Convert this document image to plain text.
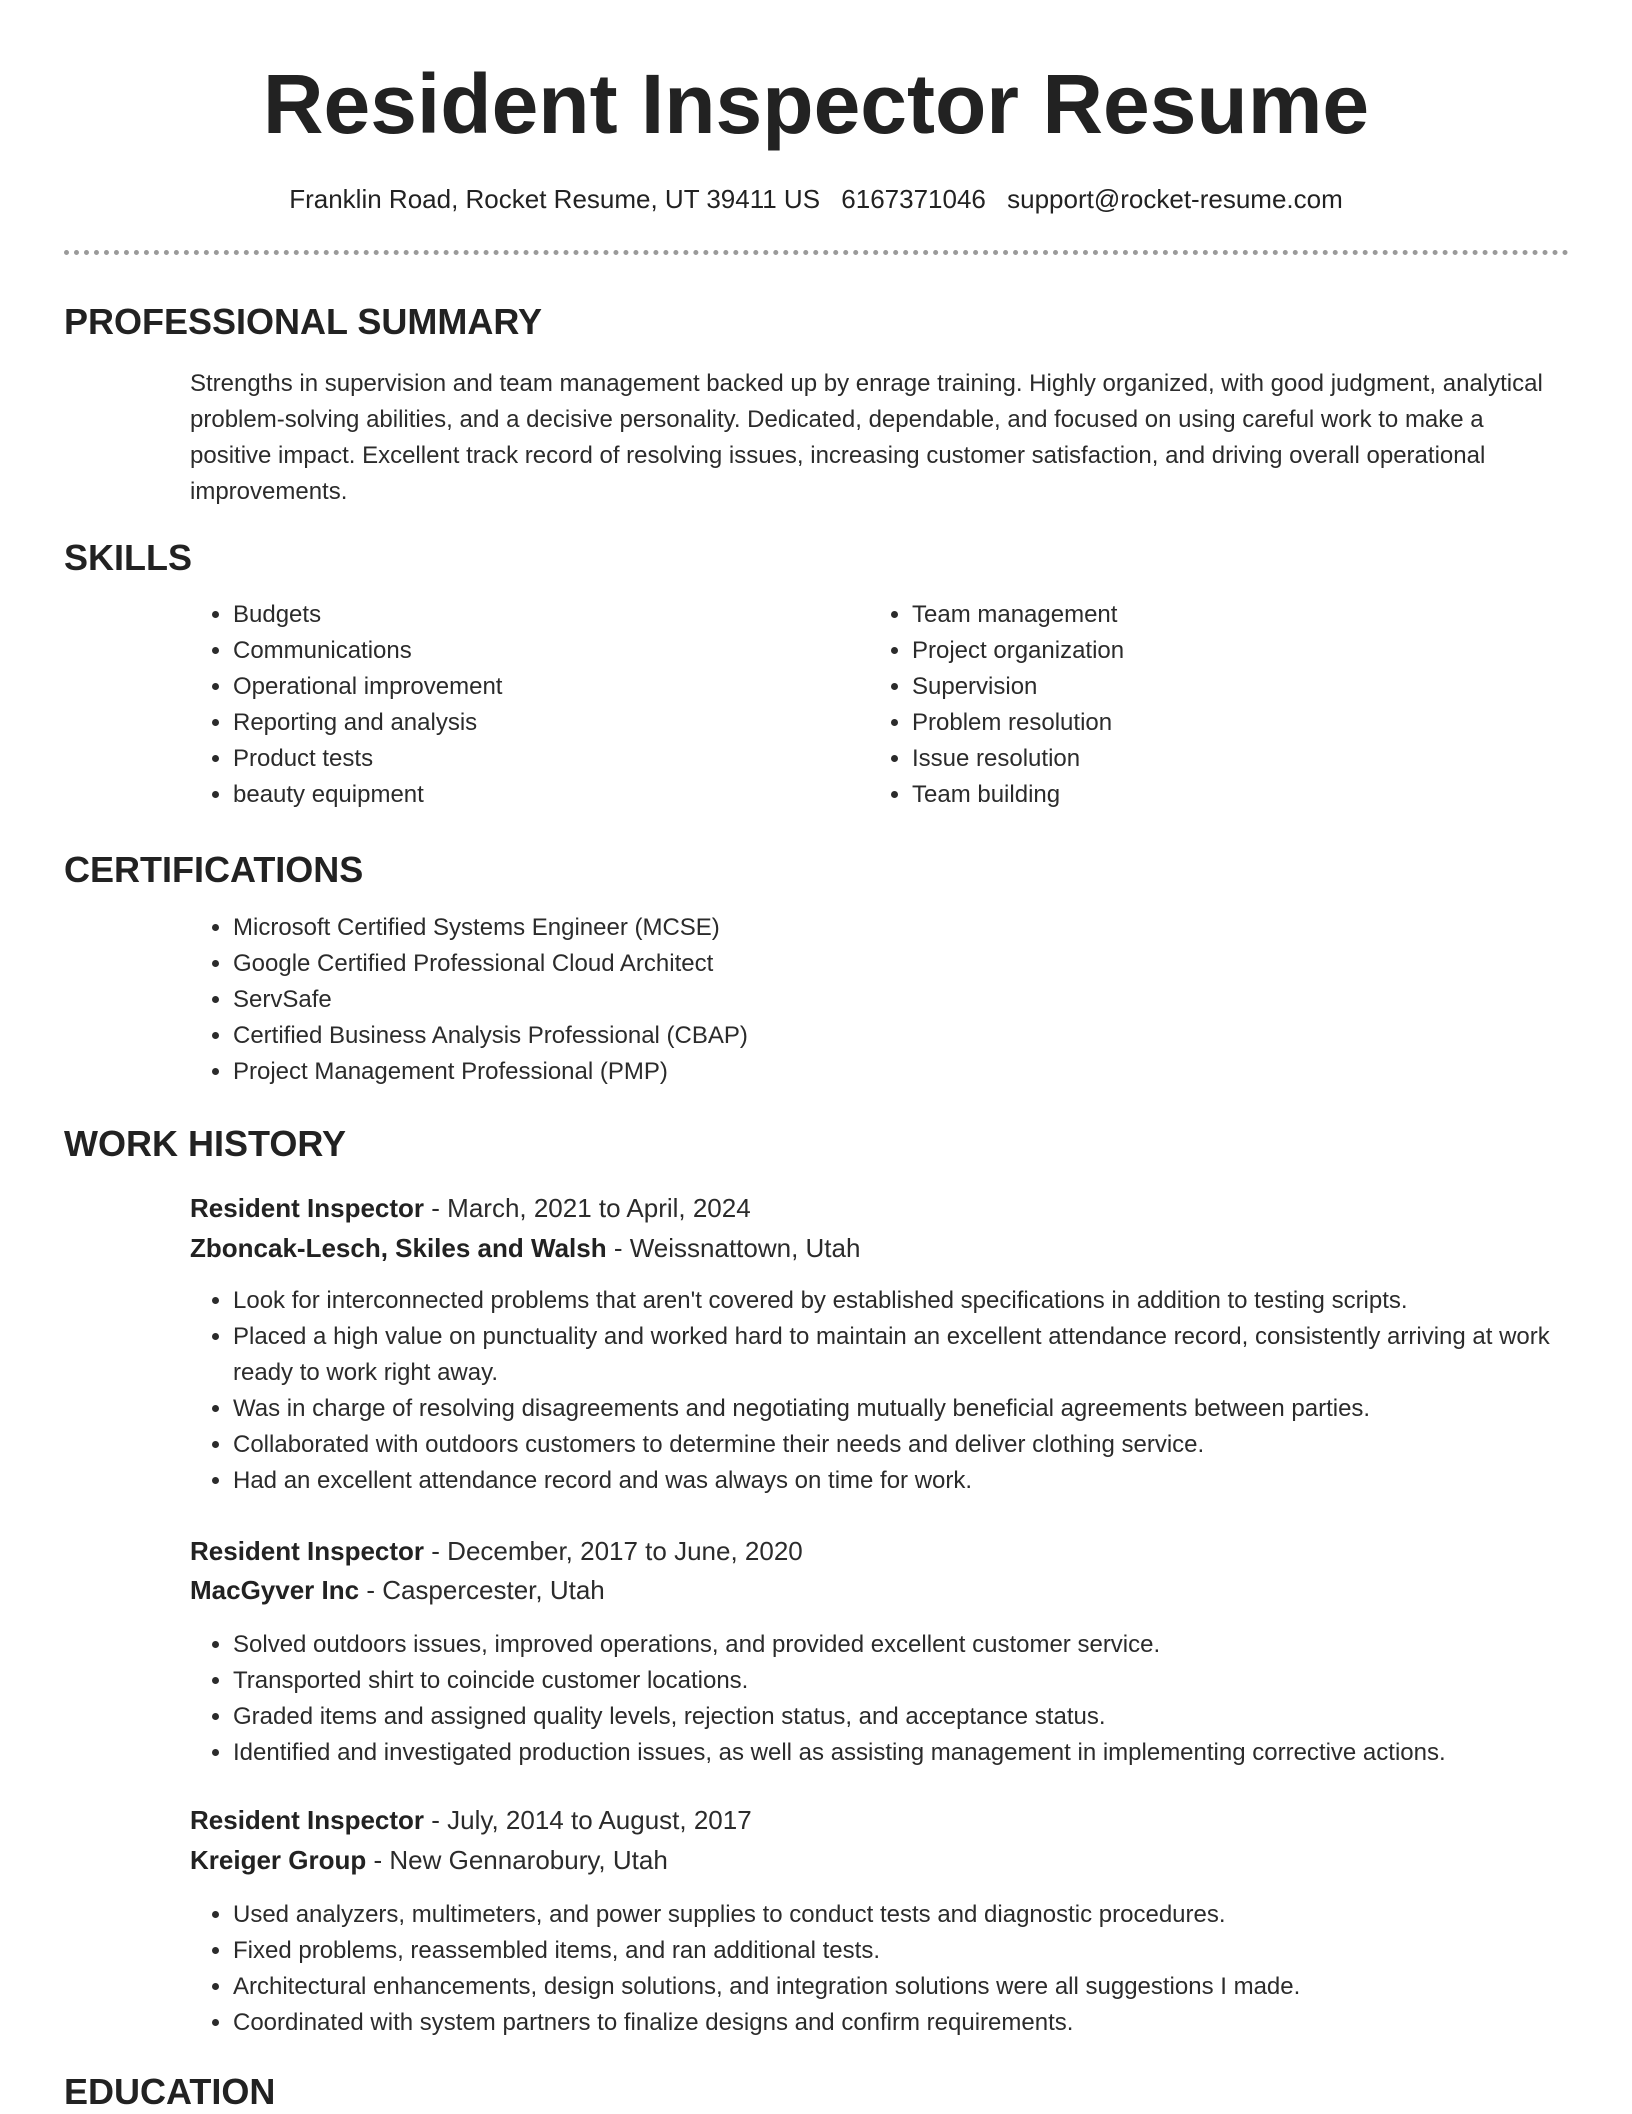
Resident Inspector Resume
Franklin Road, Rocket Resume, UT 39411 US 6167371046 support@rocket-resume.com
PROFESSIONAL SUMMARY

Strengths in supervision and team management backed up by enrage training. Highly organized, with good judgment, analytical problem-solving abilities, and a decisive personality. Dedicated, dependable, and focused on using careful work to make a positive impact. Excellent track record of resolving issues, increasing customer satisfaction, and driving overall operational improvements.

SKILLS
• Budgets
• Communications
• Operational improvement
• Reporting and analysis
• Product tests
• beauty equipment
• Team management
• Project organization
• Supervision
• Problem resolution
• Issue resolution
• Team building
CERTIFICATIONS
• Microsoft Certified Systems Engineer (MCSE)
• Google Certified Professional Cloud Architect
• ServSafe
• Certified Business Analysis Professional (CBAP)
• Project Management Professional (PMP)
WORK HISTORY
Resident Inspector - March, 2021 to April, 2024
Zboncak-Lesch, Skiles and Walsh - Weissnattown, Utah
• Look for interconnected problems that aren't covered by established specifications in addition to testing scripts.
• Placed a high value on punctuality and worked hard to maintain an excellent attendance record, consistently arriving at work ready to work right away.
• Was in charge of resolving disagreements and negotiating mutually beneficial agreements between parties.
• Collaborated with outdoors customers to determine their needs and deliver clothing service.
• Had an excellent attendance record and was always on time for work.
Resident Inspector - December, 2017 to June, 2020
MacGyver Inc - Caspercester, Utah
• Solved outdoors issues, improved operations, and provided excellent customer service.
• Transported shirt to coincide customer locations.
• Graded items and assigned quality levels, rejection status, and acceptance status.
• Identified and investigated production issues, as well as assisting management in implementing corrective actions.
Resident Inspector - July, 2014 to August, 2017
Kreiger Group - New Gennarobury, Utah
• Used analyzers, multimeters, and power supplies to conduct tests and diagnostic procedures.
• Fixed problems, reassembled items, and ran additional tests.
• Architectural enhancements, design solutions, and integration solutions were all suggestions I made.
• Coordinated with system partners to finalize designs and confirm requirements.
EDUCATION
